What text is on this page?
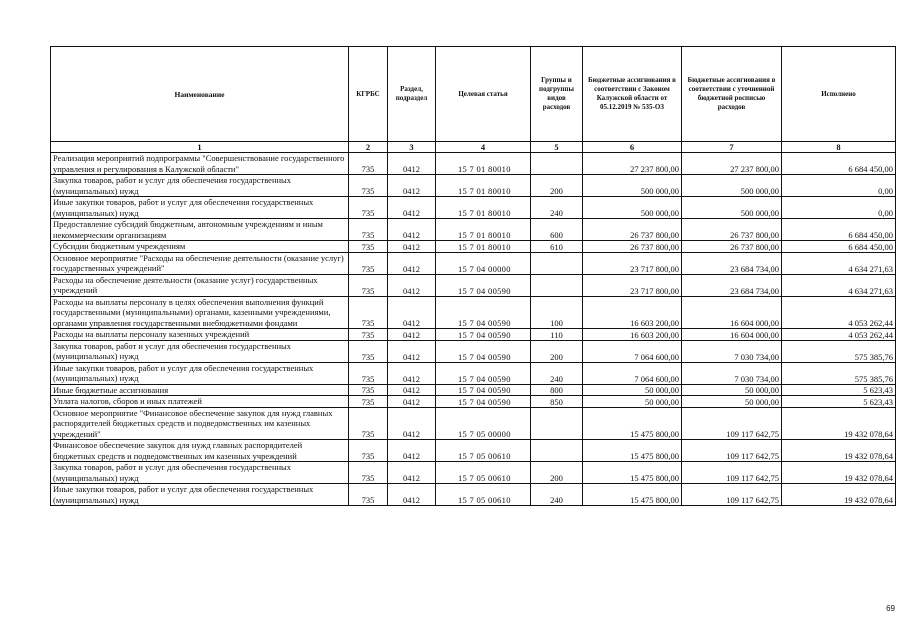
Наименование	КГРБС	Раздел, подраздел	Целевая статья	Группы и подгруппы видов расходов	Бюджетные ассигнования в соответствии с Законом Калужской области от 05.12.2019 № 535-ОЗ	Бюджетные ассигнования в соответствии с уточненной бюджетной росписью расходов	Исполнено
1	2	3	4	5	6	7	8
Реализация мероприятий подпрограммы "Совершенствование государственного управления и регулирования в Калужской области"	735	0412	15 7 01 80010		27 237 800,00	27 237 800,00	6 684 450,00
Закупка товаров, работ и услуг для обеспечения государственных (муниципальных) нужд	735	0412	15 7 01 80010	200	500 000,00	500 000,00	0,00
Иные закупки товаров, работ и услуг для обеспечения государственных (муниципальных) нужд	735	0412	15 7 01 80010	240	500 000,00	500 000,00	0,00
Предоставление субсидий бюджетным, автономным учреждениям и иным некоммерческим организациям	735	0412	15 7 01 80010	600	26 737 800,00	26 737 800,00	6 684 450,00
Субсидии бюджетным учреждениям	735	0412	15 7 01 80010	610	26 737 800,00	26 737 800,00	6 684 450,00
Основное мероприятие "Расходы на обеспечение деятельности (оказание услуг) государственных учреждений"	735	0412	15 7 04 00000		23 717 800,00	23 684 734,00	4 634 271,63
Расходы на обеспечение деятельности (оказание услуг) государственных учреждений	735	0412	15 7 04 00590		23 717 800,00	23 684 734,00	4 634 271,63
Расходы на выплаты персоналу в целях обеспечения выполнения функций государственными (муниципальными) органами, казенными учреждениями, органами управления государственными внебюджетными фондами	735	0412	15 7 04 00590	100	16 603 200,00	16 604 000,00	4 053 262,44
Расходы на выплаты персоналу казенных учреждений	735	0412	15 7 04 00590	110	16 603 200,00	16 604 000,00	4 053 262,44
Закупка товаров, работ и услуг для обеспечения государственных (муниципальных) нужд	735	0412	15 7 04 00590	200	7 064 600,00	7 030 734,00	575 385,76
Иные закупки товаров, работ и услуг для обеспечения государственных (муниципальных) нужд	735	0412	15 7 04 00590	240	7 064 600,00	7 030 734,00	575 385,76
Иные бюджетные ассигнования	735	0412	15 7 04 00590	800	50 000,00	50 000,00	5 623,43
Уплата налогов, сборов и иных платежей	735	0412	15 7 04 00590	850	50 000,00	50 000,00	5 623,43
Основное мероприятие "Финансовое обеспечение закупок для нужд главных распорядителей бюджетных средств и подведомственных им казенных учреждений"	735	0412	15 7 05 00000		15 475 800,00	109 117 642,75	19 432 078,64
Финансовое обеспечение закупок для нужд главных распорядителей бюджетных средств и подведомственных им казенных учреждений	735	0412	15 7 05 00610		15 475 800,00	109 117 642,75	19 432 078,64
Закупка товаров, работ и услуг для обеспечения государственных (муниципальных) нужд	735	0412	15 7 05 00610	200	15 475 800,00	109 117 642,75	19 432 078,64
Иные закупки товаров, работ и услуг для обеспечения государственных (муниципальных) нужд	735	0412	15 7 05 00610	240	15 475 800,00	109 117 642,75	19 432 078,64
69
